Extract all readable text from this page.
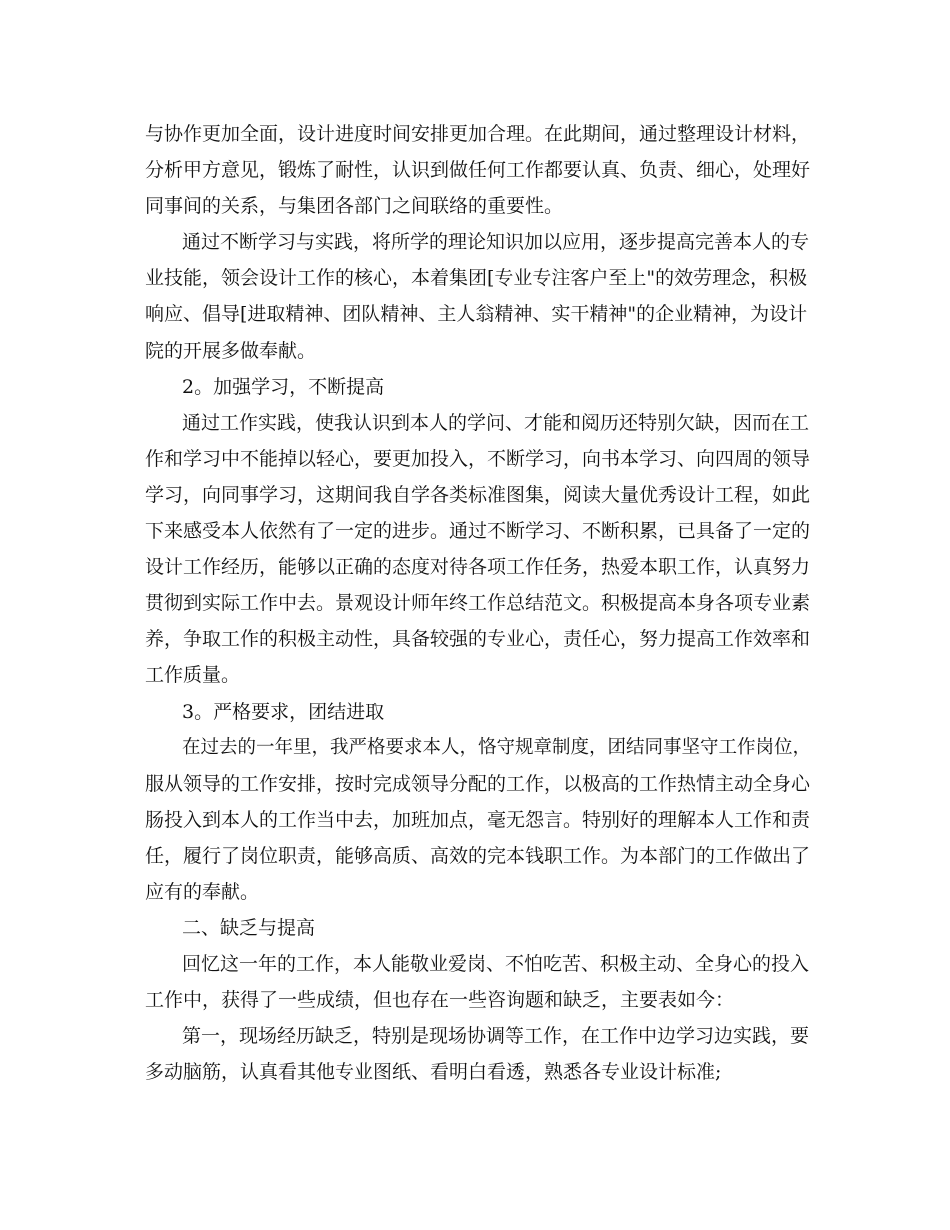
与协作更加全面，设计进度时间安排更加合理。在此期间，通过整理设计材料，
分析甲方意见，锻炼了耐性，认识到做任何工作都要认真、负责、细心，处理好
同事间的关系，与集团各部门之间联络的重要性。
通过不断学习与实践，将所学的理论知识加以应用，逐步提高完善本人的专
业技能，领会设计工作的核心，本着集团[专业专注客户至上"的效劳理念，积极
响应、倡导[进取精神、团队精神、主人翁精神、实干精神"的企业精神，为设计
院的开展多做奉献。
2。加强学习，不断提高
通过工作实践，使我认识到本人的学问、才能和阅历还特别欠缺，因而在工
作和学习中不能掉以轻心，要更加投入，不断学习，向书本学习、向四周的领导
学习，向同事学习，这期间我自学各类标准图集，阅读大量优秀设计工程，如此
下来感受本人依然有了一定的进步。通过不断学习、不断积累，已具备了一定的
设计工作经历，能够以正确的态度对待各项工作任务，热爱本职工作，认真努力
贯彻到实际工作中去。景观设计师年终工作总结范文。积极提高本身各项专业素
养，争取工作的积极主动性，具备较强的专业心，责任心，努力提高工作效率和
工作质量。
3。严格要求，团结进取
在过去的一年里，我严格要求本人，恪守规章制度，团结同事坚守工作岗位，
服从领导的工作安排，按时完成领导分配的工作，以极高的工作热情主动全身心
肠投入到本人的工作当中去，加班加点，毫无怨言。特别好的理解本人工作和责
任，履行了岗位职责，能够高质、高效的完本钱职工作。为本部门的工作做出了
应有的奉献。
二、缺乏与提高
回忆这一年的工作，本人能敬业爱岗、不怕吃苦、积极主动、全身心的投入
工作中，获得了一些成绩，但也存在一些咨询题和缺乏，主要表如今：
第一，现场经历缺乏，特别是现场协调等工作，在工作中边学习边实践，要
多动脑筋，认真看其他专业图纸、看明白看透，熟悉各专业设计标准;
